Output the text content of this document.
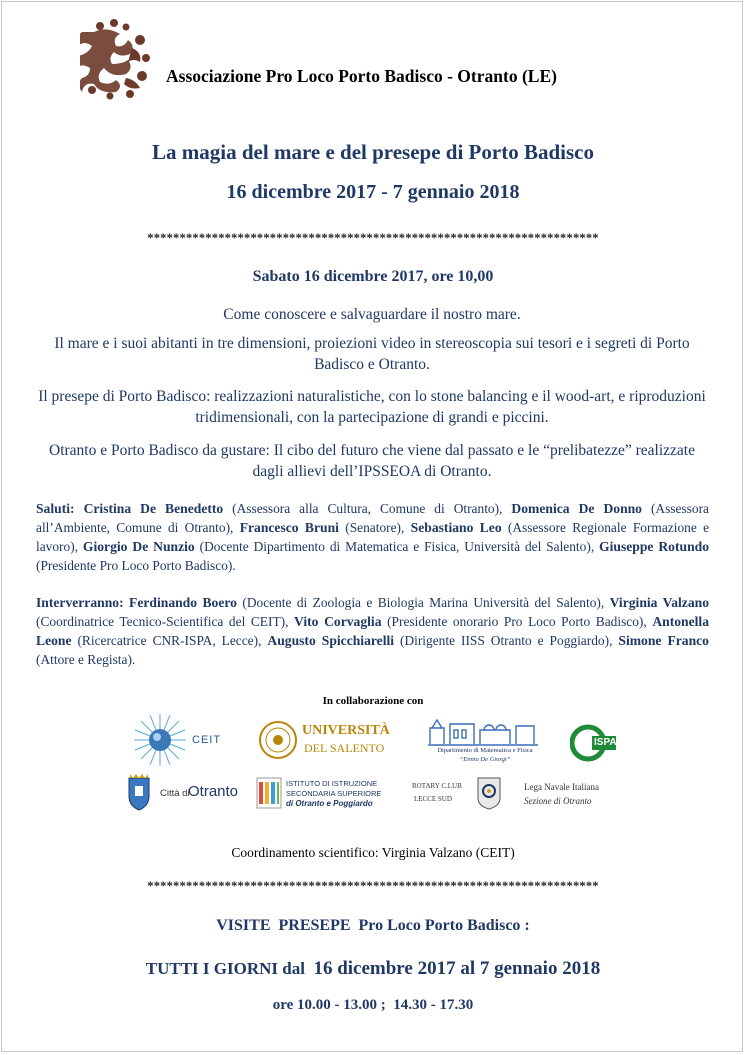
Associazione Pro Loco Porto Badisco - Otranto (LE)
La magia del mare e del presepe di Porto Badisco
16 dicembre 2017 - 7 gennaio 2018
**********************************************************************
Sabato 16 dicembre 2017, ore 10,00
Come conoscere e salvaguardare il nostro mare.
Il mare e i suoi abitanti in tre dimensioni, proiezioni video in stereoscopia sui tesori e i segreti di Porto Badisco e Otranto.
Il presepe di Porto Badisco: realizzazioni naturalistiche, con lo stone balancing e il wood-art, e riproduzioni tridimensionali, con la partecipazione di grandi e piccini.
Otranto e Porto Badisco da gustare: Il cibo del futuro che viene dal passato e le “prelibatezze” realizzate dagli allievi dell’IPSSEOA di Otranto.
Saluti: Cristina De Benedetto (Assessora alla Cultura, Comune di Otranto), Domenica De Donno (Assessora all’Ambiente, Comune di Otranto), Francesco Bruni (Senatore), Sebastiano Leo (Assessore Regionale Formazione e lavoro), Giorgio De Nunzio (Docente Dipartimento di Matematica e Fisica, Università del Salento), Giuseppe Rotundo (Presidente Pro Loco Porto Badisco).
Interverranno: Ferdinando Boero (Docente di Zoologia e Biologia Marina Università del Salento), Virginia Valzano (Coordinatrice Tecnico-Scientifica del CEIT), Vito Corvaglia (Presidente onorario Pro Loco Porto Badisco), Antonella Leone (Ricercatrice CNR-ISPA, Lecce), Augusto Spicchiarelli (Dirigente IISS Otranto e Poggiardo), Simone Franco (Attore e Regista).
In collaborazione con
CEIT
UNIVERSITÀ
DEL SALENTO	Dipartimento di Matematica e Fisica
“Ennio De Giorgi”
ISPA
Città di
Otranto	ISTITUTO DI ISTRUZIONE
SECONDARIA SUPERIORE
di Otranto e Poggiardo
ROTARY C.LUB
LECCE SUD
Lega Navale Italiana
Sezione di Otranto
Coordinamento scientifico: Virginia Valzano (CEIT)
**********************************************************************
VISITE  PRESEPE  Pro Loco Porto Badisco :
TUTTI I GIORNI dal 16 dicembre 2017 al 7 gennaio 2018
ore 10.00 - 13.00 ;  14.30 - 17.30
